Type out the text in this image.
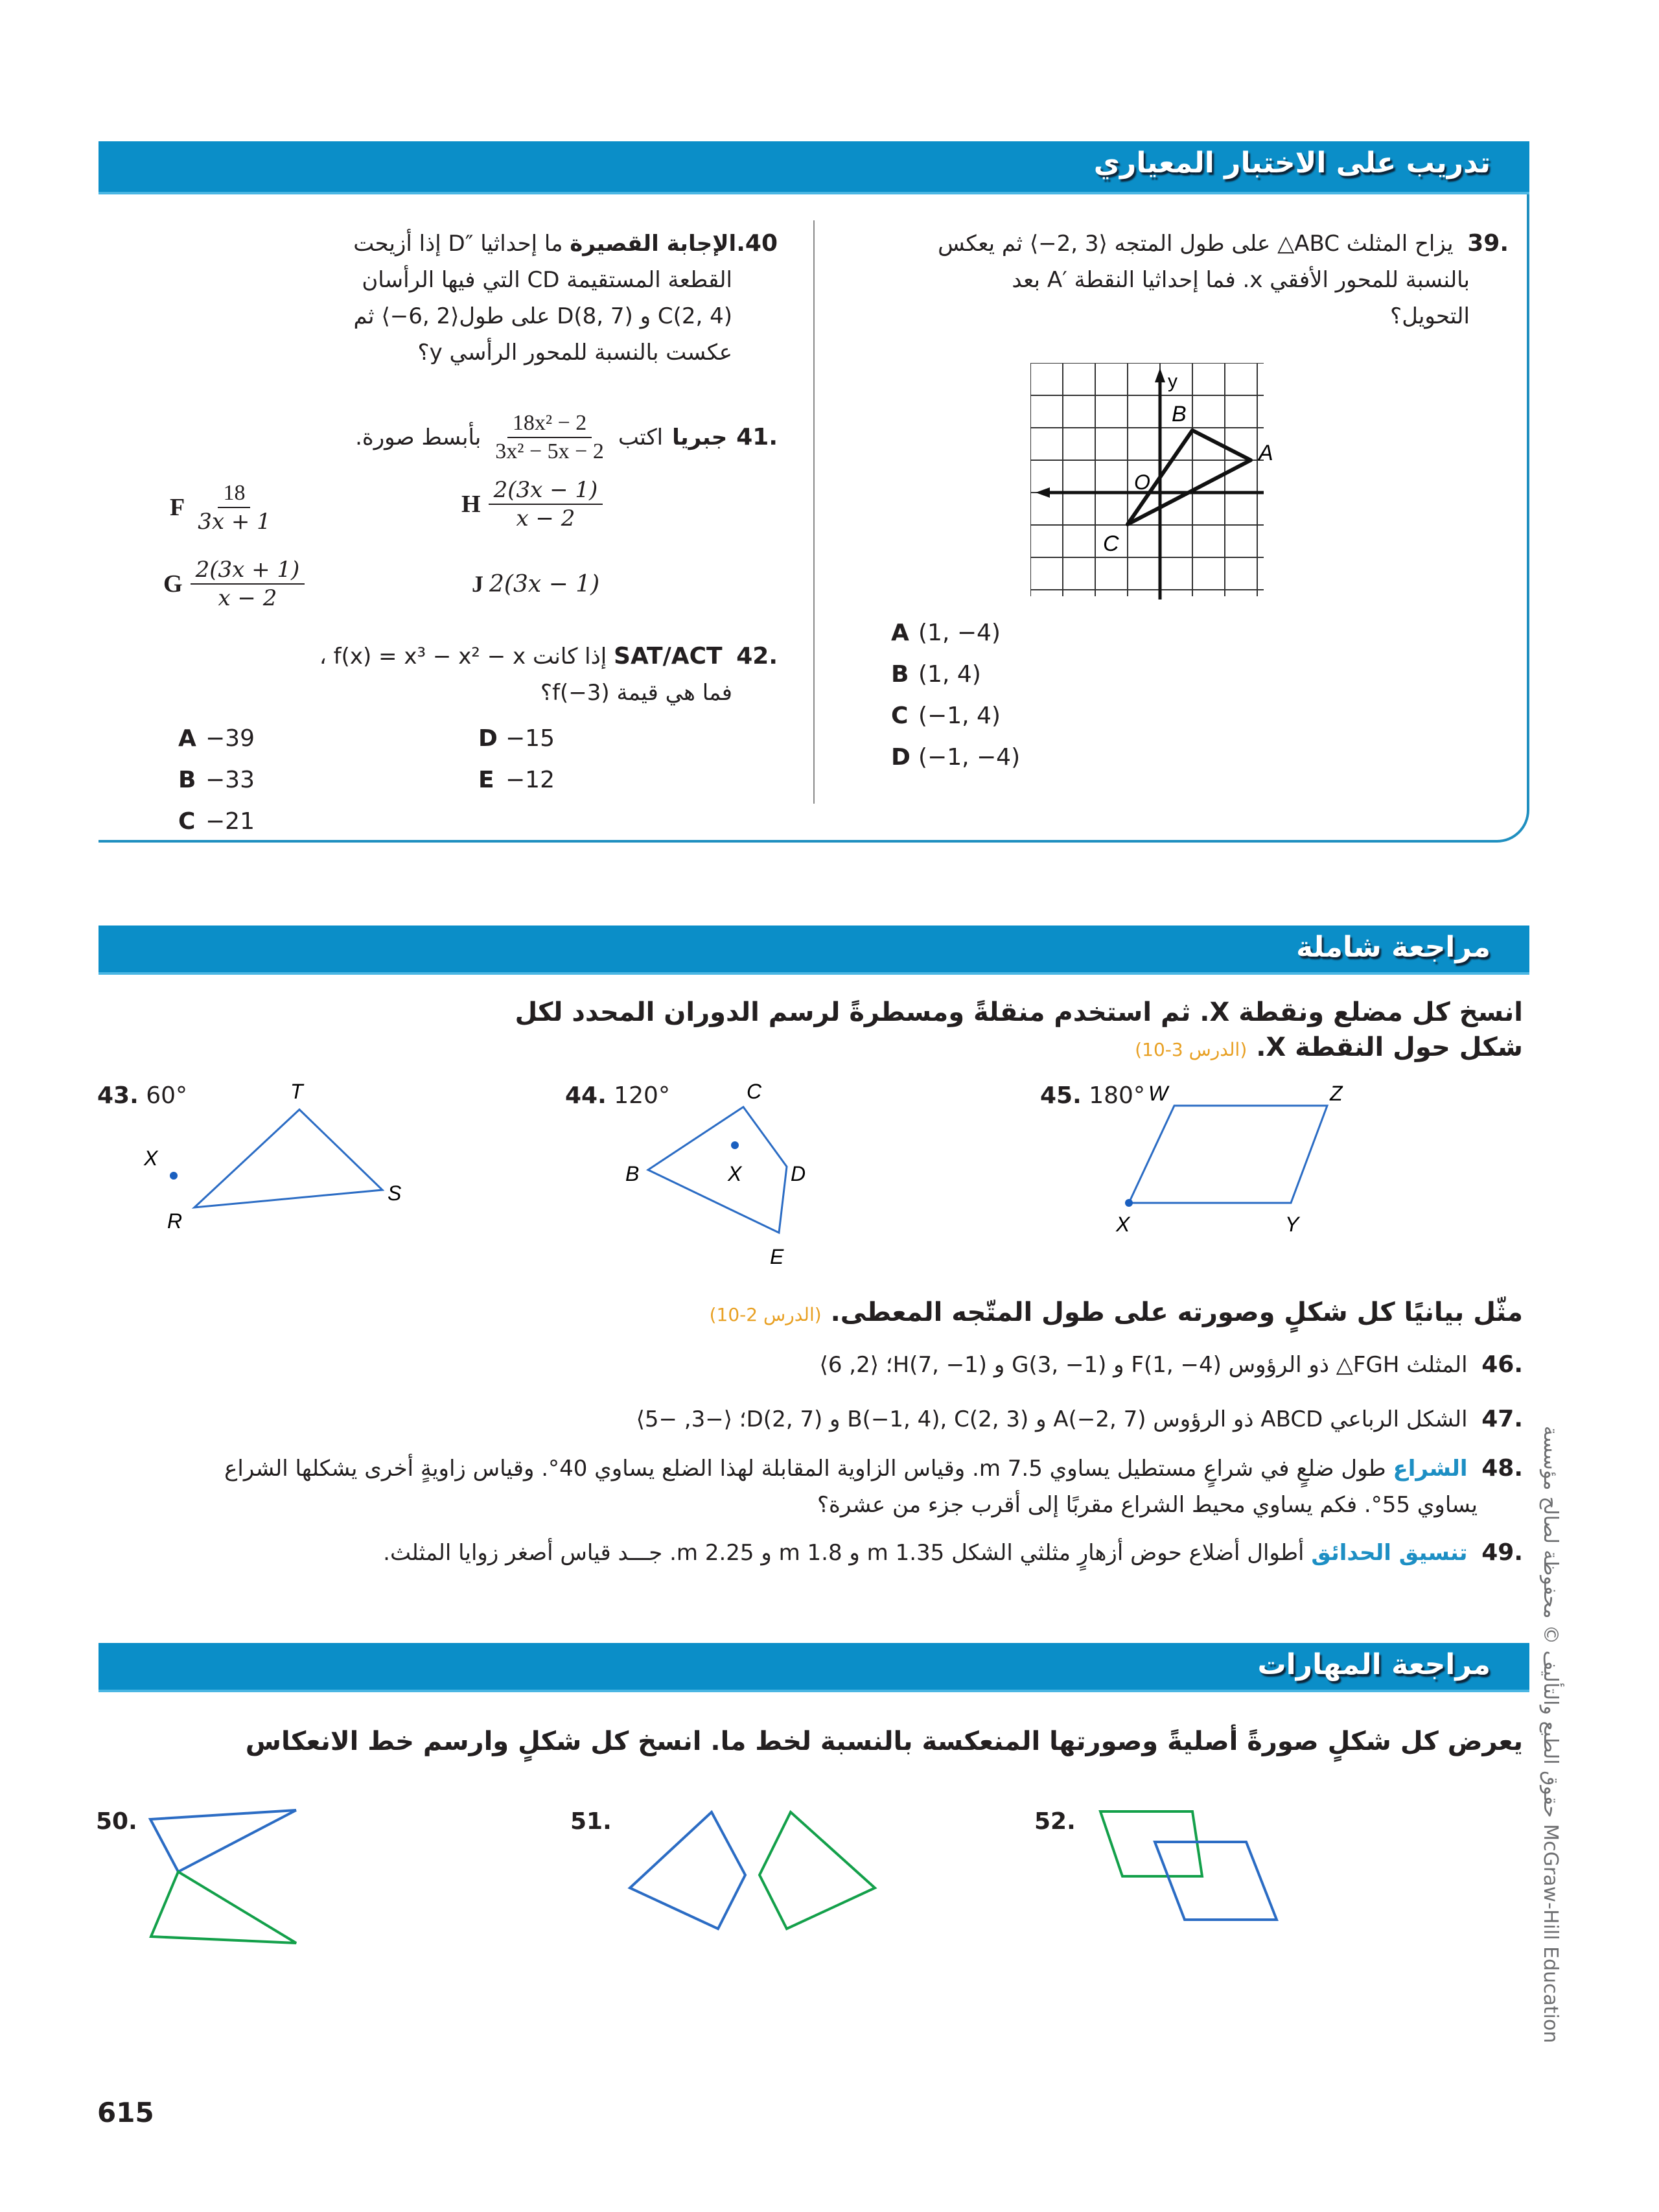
تدريب على الاختبار المعياري
.39  يزاح المثلث ABC△ على طول المتجه ⟨3 ,2−⟩ ثم يعكس
بالنسبة للمحور الأفقي x. فما إحداثيا النقطة ′A بعد
التحويل؟
y
B
A
O
C
A (1, −4)
B (1, 4)
C (−1, 4)
D (−1, −4)
40.الإجابة القصيرة ما إحداثيا ″D إذا أزيحت
القطعة المستقيمة CD التي فيها الرأسان
C(2, 4) و D(8, 7) على طول⟨2 ,6−⟩ ثم
عكست بالنسبة للمحور الرأسي y؟
.41
جبريا
اكتب
$\frac{\text{18x² − 2}}{\text{3x² − 5x − 2}}$
بأبسط صورة.
F $\frac{18}{3x + 1}$	H $\frac{2(3x - 1)}{x - 2}$
G $\frac{2(3x + 1)}{x - 2}$	J 2(3x − 1)
.42  SAT/ACT إذا كانت f(x) = x³ − x² − x ،
فما هي قيمة f(−3)؟
A −39
B −33
C −21
D −15
E −12
مراجعة شاملة
انسخ كل مضلع ونقطة X. ثم استخدم منقلةً ومسطرةً لرسم الدوران المحدد لكل
شكل حول النقطة X. (الدرس 3-10)
43. 60°	T
S
R
X
44. 120°	C
D
E
B	X
45. 180° W	Z
Y
X
مثّل بيانيًا كل شكلٍ وصورته على طول المتّجه المعطى. (الدرس 2-10)
.46  المثلث FGH△ ذو الرؤوس F(1, −4) و G(3, −1) و H(7, −1)؛ ⟨2, 6⟩
.47  الشكل الرباعي ABCD ذو الرؤوس A(−2, 7) و B(−1, 4), C(2, 3) و D(2, 7)؛ ⟨−3, −5⟩
.48  الشراع طول ضلعٍ في شراعٍ مستطيل يساوي 7.5 m. وقياس الزاوية المقابلة لهذا الضلع يساوي 40°. وقياس زاويةٍ أخرى يشكلها الشراع
يساوي 55°. فكم يساوي محيط الشراع مقربًا إلى أقرب جزء من عشرة؟
.49  تنسيق الحدائق أطوال أضلاع حوض أزهارٍ مثلثي الشكل 1.35 m و 1.8 m و 2.25 m. جـــد قياس أصغر زوايا المثلث.
مراجعة المهارات
يعرض كل شكلٍ صورةً أصليةً وصورتها المنعكسة بالنسبة لخط ما. انسخ كل شكلٍ وارسم خط الانعكاس
50.	51.	52.
615
حقوق الطبع والتأليف © محفوظة لصالح مؤسسة McGraw-Hill Education
